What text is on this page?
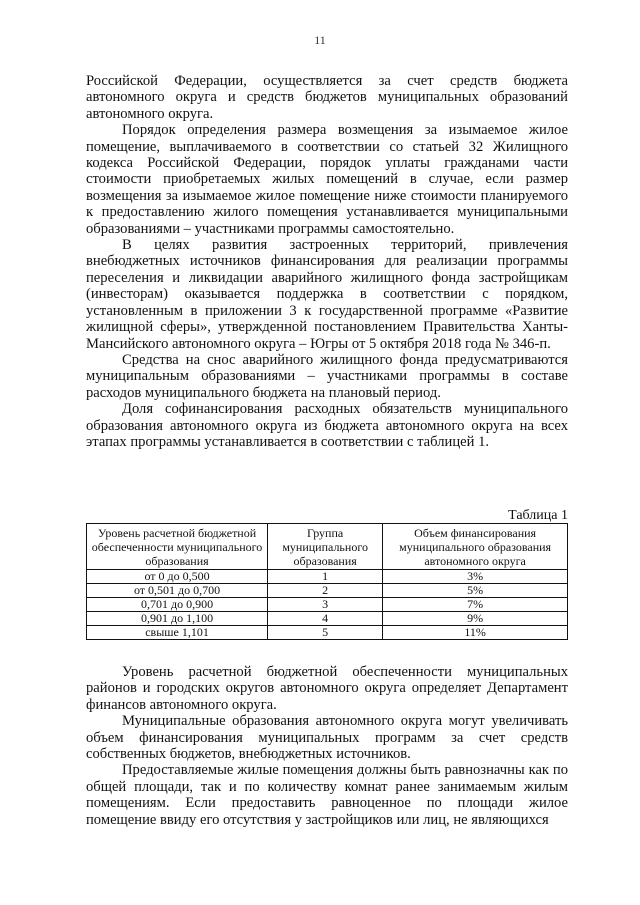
11

Российской Федерации, осуществляется за счет средств бюджета автономного округа и средств бюджетов муниципальных образований автономного округа.

Порядок определения размера возмещения за изымаемое жилое помещение, выплачиваемого в соответствии со статьей 32 Жилищного кодекса Российской Федерации, порядок уплаты гражданами части стоимости приобретаемых жилых помещений в случае, если размер возмещения за изымаемое жилое помещение ниже стоимости планируемого к предоставлению жилого помещения устанавливается муниципальными образованиями – участниками программы самостоятельно.

В целях развития застроенных территорий, привлечения внебюджетных источников финансирования для реализации программы переселения и ликвидации аварийного жилищного фонда застройщикам (инвесторам) оказывается поддержка в соответствии с порядком, установленным в приложении 3 к государственной программе «Развитие жилищной сферы», утвержденной постановлением Правительства Ханты-Мансийского автономного округа – Югры от 5 октября 2018 года № 346-п.

Средства на снос аварийного жилищного фонда предусматриваются муниципальным образованиями – участниками программы в составе расходов муниципального бюджета на плановый период.

Доля софинансирования расходных обязательств муниципального образования автономного округа из бюджета автономного округа на всех этапах программы устанавливается в соответствии с таблицей 1.

Таблица 1
Уровень расчетной бюджетной обеспеченности муниципального образования	Группа муниципального образования	Объем финансирования муниципального образования автономного округа
от 0 до 0,500	1	3%
от 0,501 до 0,700	2	5%
0,701 до 0,900	3	7%
0,901 до 1,100	4	9%
свыше 1,101	5	11%

Уровень расчетной бюджетной обеспеченности муниципальных районов и городских округов автономного округа определяет Департамент финансов автономного округа.

Муниципальные образования автономного округа могут увеличивать объем финансирования муниципальных программ за счет средств собственных бюджетов, внебюджетных источников.

Предоставляемые жилые помещения должны быть равнозначны как по общей площади, так и по количеству комнат ранее занимаемым жилым помещениям. Если предоставить равноценное по площади жилое помещение ввиду его отсутствия у застройщиков или лиц, не являющихся
